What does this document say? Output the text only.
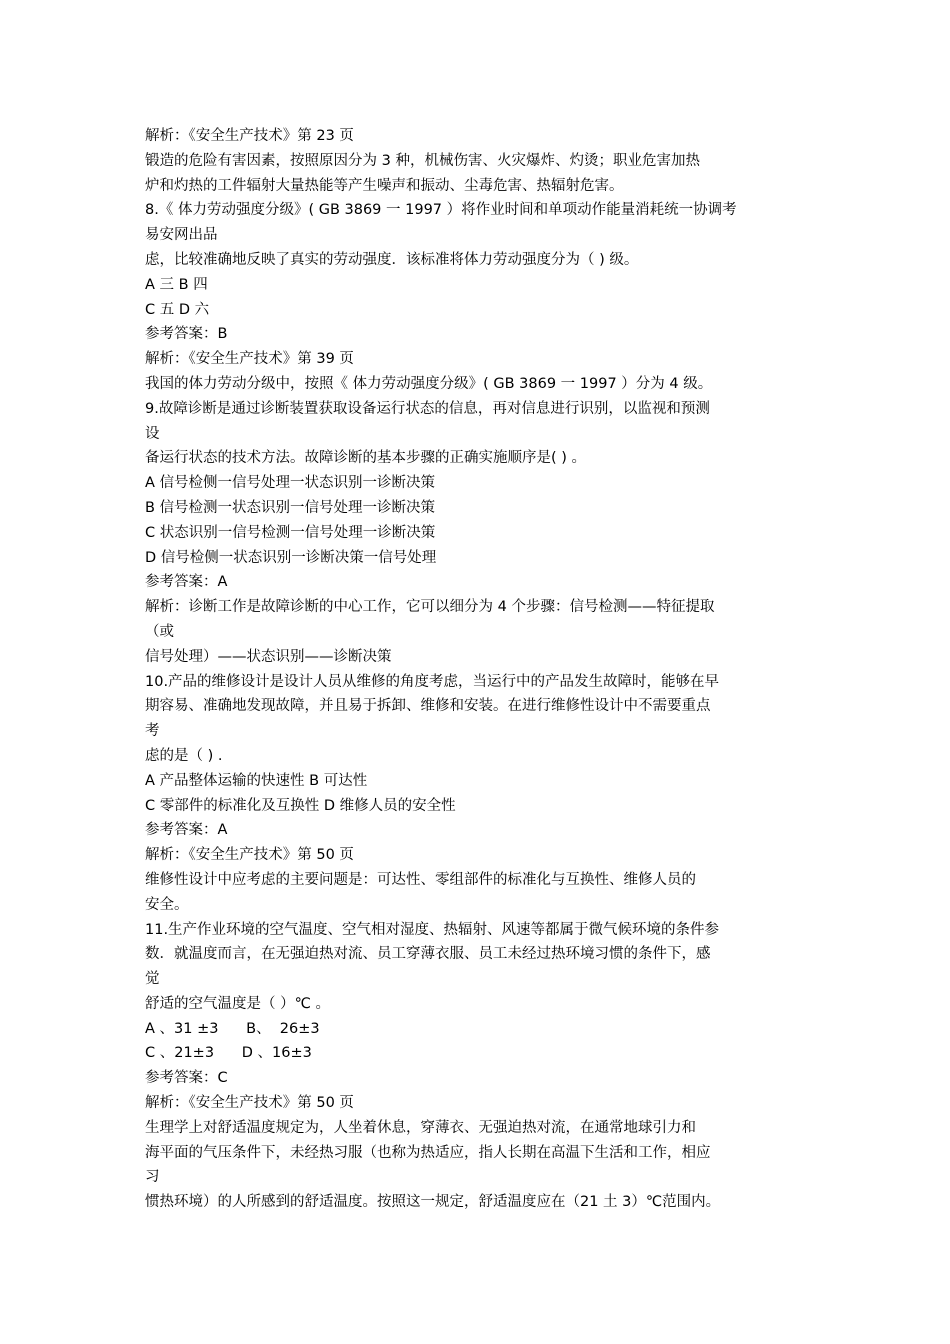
解析：《安全生产技术》第 23 页
锻造的危险有害因素，按照原因分为 3 种，机械伤害、火灾爆炸、灼烫；职业危害加热
炉和灼热的工件辐射大量热能等产生噪声和振动、尘毒危害、热辐射危害。
8.《 体力劳动强度分级》( GB 3869 一 1997 ）将作业时间和单项动作能量消耗统一协调考
易安网出品
虑，比较准确地反映了真实的劳动强度．该标准将体力劳动强度分为（ ) 级。
A 三 B 四
C 五 D 六
参考答案：B
解析：《安全生产技术》第 39 页
我国的体力劳动分级中，按照《 体力劳动强度分级》( GB 3869 一 1997 ）分为 4 级。
9.故障诊断是通过诊断装置获取设备运行状态的信息，再对信息进行识别，以监视和预测
设
备运行状态的技术方法。故障诊断的基本步骤的正确实施顺序是( ) 。
A 信号检侧一信号处理一状态识别一诊断决策
B 信号检测一状态识别一信号处理一诊断决策
C 状态识别一信号检测一信号处理一诊断决策
D 信号检侧一状态识别一诊断决策一信号处理
参考答案：A
解析：诊断工作是故障诊断的中心工作，它可以细分为 4 个步骤：信号检测——特征提取
（或
信号处理）——状态识别——诊断决策
10.产品的维修设计是设计人员从维修的角度考虑，当运行中的产品发生故障时，能够在早
期容易、准确地发现故障，并且易于拆卸、维修和安装。在进行维修性设计中不需要重点
考
虑的是（ ) .
A 产品整体运输的快速性 B 可达性
C 零部件的标准化及互换性 D 维修人员的安全性
参考答案：A
解析：《安全生产技术》第 50 页
维修性设计中应考虑的主要问题是：可达性、零组部件的标准化与互换性、维修人员的
安全。
11.生产作业环境的空气温度、空气相对湿度、热辐射、风速等都属于微气候环境的条件参
数．就温度而言，在无强迫热对流、员工穿薄衣服、员工未经过热环境习惯的条件下，感
觉
舒适的空气温度是（ ）℃ 。
A 、31 ±3      B、  26±3
C 、21±3      D 、16±3
参考答案：C
解析：《安全生产技术》第 50 页
生理学上对舒适温度规定为，人坐着休息，穿薄衣、无强迫热对流，在通常地球引力和
海平面的气压条件下，未经热习服（也称为热适应，指人长期在高温下生活和工作，相应
习
惯热环境）的人所感到的舒适温度。按照这一规定，舒适温度应在（21 土 3）℃范围内。
